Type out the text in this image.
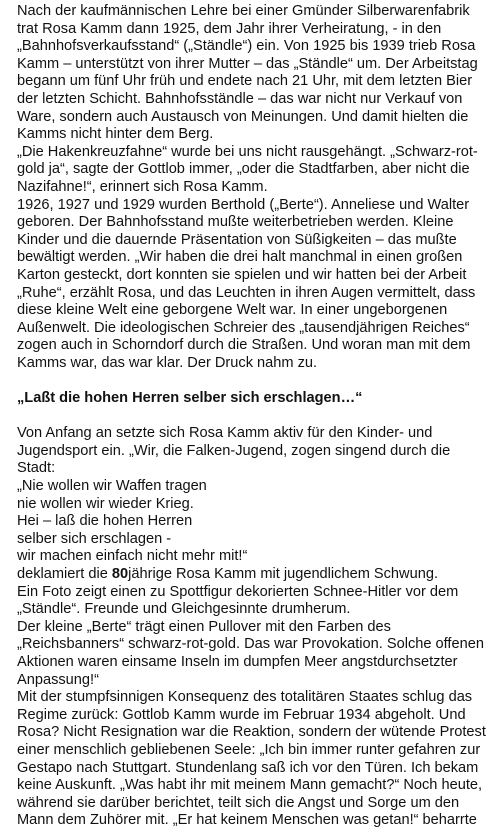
Nach der kaufmännischen Lehre bei einer Gmünder Silberwarenfabrik
trat Rosa Kamm dann 1925, dem Jahr ihrer Verheiratung, - in den
„Bahnhofsverkaufsstand“ („Ständle“) ein. Von 1925 bis 1939 trieb Rosa
Kamm – unterstützt von ihrer Mutter – das „Ständle“ um. Der Arbeitstag
begann um fünf Uhr früh und endete nach 21 Uhr, mit dem letzten Bier
der letzten Schicht. Bahnhofsständle – das war nicht nur Verkauf von
Ware, sondern auch Austausch von Meinungen. Und damit hielten die
Kamms nicht hinter dem Berg.
„Die Hakenkreuzfahne“ wurde bei uns nicht rausgehängt. „Schwarz-rot-
gold ja“, sagte der Gottlob immer, „oder die Stadtfarben, aber nicht die
Nazifahne!“, erinnert sich Rosa Kamm.
1926, 1927 und 1929 wurden Berthold („Berte“). Anneliese und Walter
geboren. Der Bahnhofsstand mußte weiterbetrieben werden. Kleine
Kinder und die dauernde Präsentation von Süßigkeiten – das mußte
bewältigt werden. „Wir haben die drei halt manchmal in einen großen
Karton gesteckt, dort konnten sie spielen und wir hatten bei der Arbeit
„Ruhe“, erzählt Rosa, und das Leuchten in ihren Augen vermittelt, dass
diese kleine Welt eine geborgene Welt war. In einer ungeborgenen
Außenwelt. Die ideologischen Schreier des „tausendjährigen Reiches“
zogen auch in Schorndorf durch die Straßen. Und woran man mit dem
Kamms war, das war klar. Der Druck nahm zu.
„Laßt die hohen Herren selber sich erschlagen…“
Von Anfang an setzte sich Rosa Kamm aktiv für den Kinder- und
Jugendsport ein. „Wir, die Falken-Jugend, zogen singend durch die
Stadt:
„Nie wollen wir Waffen tragen
nie wollen wir wieder Krieg.
Hei – laß die hohen Herren
selber sich erschlagen -
wir machen einfach nicht mehr mit!“
deklamiert die 80jährige Rosa Kamm mit jugendlichem Schwung.
Ein Foto zeigt einen zu Spottfigur dekorierten Schnee-Hitler vor dem
„Ständle“. Freunde und Gleichgesinnte drumherum.
Der kleine „Berte“ trägt einen Pullover mit den Farben des
„Reichsbanners“ schwarz-rot-gold. Das war Provokation. Solche offenen
Aktionen waren einsame Inseln im dumpfen Meer angstdurchsetzter
Anpassung!“
Mit der stumpfsinnigen Konsequenz des totalitären Staates schlug das
Regime zurück: Gottlob Kamm wurde im Februar 1934 abgeholt. Und
Rosa? Nicht Resignation war die Reaktion, sondern der wütende Protest
einer menschlich gebliebenen Seele: „Ich bin immer runter gefahren zur
Gestapo nach Stuttgart. Stundenlang saß ich vor den Türen. Ich bekam
keine Auskunft. „Was habt ihr mit meinem Mann gemacht?“ Noch heute,
während sie darüber berichtet, teilt sich die Angst und Sorge um den
Mann dem Zuhörer mit. „Er hat keinem Menschen was getan!“ beharrte
